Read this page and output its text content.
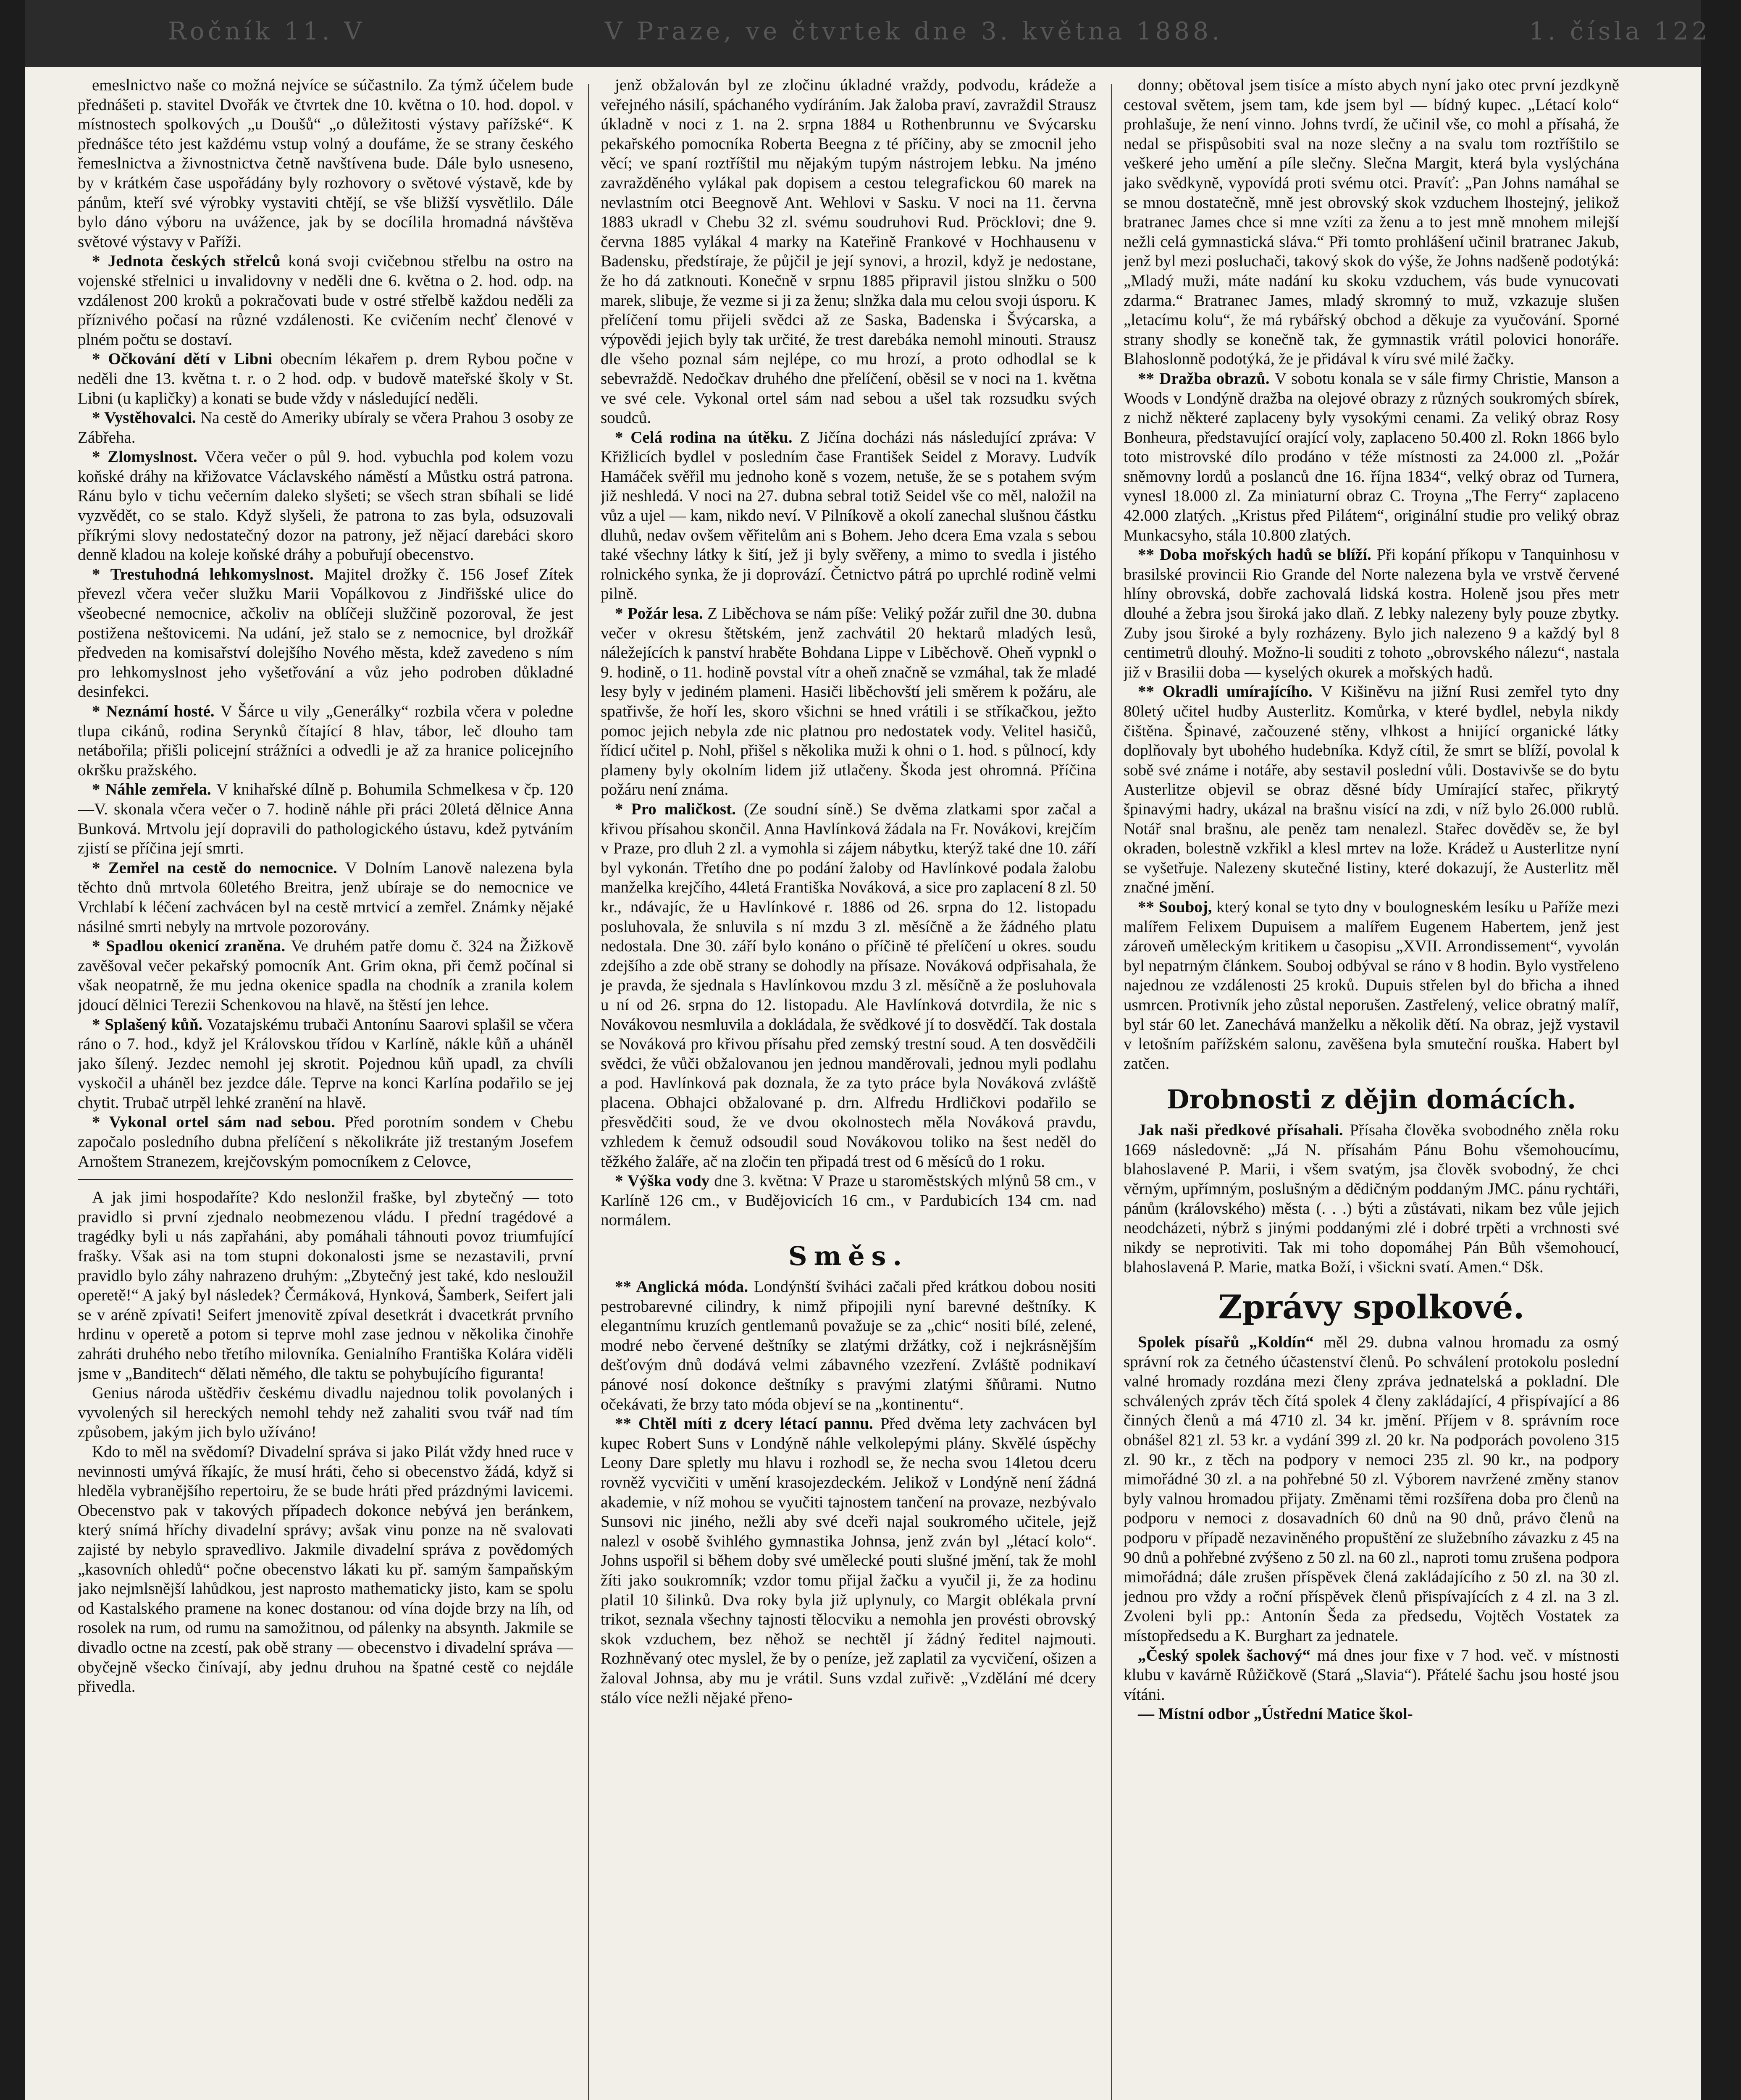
Ročník 11. V	V Praze, ve čtvrtek dne 3. května 1888.	1. čísla 122

emeslnictvo naše co možná nejvíce se súčastnilo. Za týmž účelem bude přednášeti p. stavitel Dvořák ve čtvrtek dne 10. května o 10. hod. dopol. v místnostech spolkových „u Doušů“ „o důležitosti výstavy pařížské“. K přednášce této jest každému vstup volný a doufáme, že se strany českého řemeslnictva a živnostnictva četně navštívena bude. Dále bylo usneseno, by v krátkém čase uspořádány byly rozhovory o světové výstavě, kde by pánům, kteří své výrobky vystaviti chtějí, se vše bližší vysvětlilo. Dále bylo dáno výboru na uvážence, jak by se docílila hromadná návštěva světové výstavy v Paříži.

* Jednota českých střelců koná svoji cvičebnou střelbu na ostro na vojenské střelnici u invalidovny v neděli dne 6. května o 2. hod. odp. na vzdálenost 200 kroků a pokračovati bude v ostré střelbě každou neděli za příznivého počasí na různé vzdálenosti. Ke cvičením nechť členové v plném počtu se dostaví.

* Očkování dětí v Libni obecním lékařem p. drem Rybou počne v neděli dne 13. května t. r. o 2 hod. odp. v budově mateřské školy v St. Libni (u kapličky) a konati se bude vždy v následující neděli.

* Vystěhovalci. Na cestě do Ameriky ubíraly se včera Prahou 3 osoby ze Zábřeha.

* Zlomyslnost. Včera večer o půl 9. hod. vybuchla pod kolem vozu koňské dráhy na křižovatce Václavského náměstí a Můstku ostrá patrona. Ránu bylo v tichu večerním daleko slyšeti; se všech stran sbíhali se lidé vyzvědět, co se stalo. Když slyšeli, že patrona to zas byla, odsuzovali příkrými slovy nedostatečný dozor na patrony, jež nějací darebáci skoro denně kladou na koleje koňské dráhy a pobuřují obecenstvo.

* Trestuhodná lehkomyslnost. Majitel drožky č. 156 Josef Zítek převezl včera večer služku Marii Vopálkovou z Jindřišské ulice do všeobecné nemocnice, ačkoliv na oblíčeji služčině pozoroval, že jest postižena neštovicemi. Na udání, jež stalo se z nemocnice, byl drožkář předveden na komisařství dolejšího Nového města, kdež zavedeno s ním pro lehkomyslnost jeho vyšetřování a vůz jeho podroben důkladné desinfekci.

* Neznámí hosté. V Šárce u vily „Generálky“ rozbila včera v poledne tlupa cikánů, rodina Serynků čítající 8 hlav, tábor, leč dlouho tam netábořila; přišli policejní strážníci a odvedli je až za hranice policejního okršku pražského.

* Náhle zemřela. V knihařské dílně p. Bohumila Schmelkesa v čp. 120—V. skonala včera večer o 7. hodině náhle při práci 20letá dělnice Anna Bunková. Mrtvolu její dopravili do pathologického ústavu, kdež pytváním zjistí se příčina její smrti.

* Zemřel na cestě do nemocnice. V Dolním Lanově nalezena byla těchto dnů mrtvola 60letého Breitra, jenž ubíraje se do nemocnice ve Vrchlabí k léčení zachvácen byl na cestě mrtvicí a zemřel. Známky nějaké násilné smrti nebyly na mrtvole pozorovány.

* Spadlou okenicí zraněna. Ve druhém patře domu č. 324 na Žižkově zavěšoval večer pekařský pomocník Ant. Grim okna, při čemž počínal si však neopatrně, že mu jedna okenice spadla na chodník a zranila kolem jdoucí dělnici Terezii Schenkovou na hlavě, na štěstí jen lehce.

* Splašený kůň. Vozatajskému trubači Antonínu Saarovi splašil se včera ráno o 7. hod., když jel Královskou třídou v Karlíně, nákle kůň a uháněl jako šílený. Jezdec nemohl jej skrotit. Pojednou kůň upadl, za chvíli vyskočil a uháněl bez jezdce dále. Teprve na konci Karlína podařilo se jej chytit. Trubač utrpěl lehké zranění na hlavě.

* Vykonal ortel sám nad sebou. Před porotním sondem v Chebu započalo posledního dubna přelíčení s několikráte již trestaným Josefem Arnoštem Stranezem, krejčovským pomocníkem z Celovce,

A jak jimi hospodaříte? Kdo neslonžil fraške, byl zbytečný — toto pravidlo si první zjednalo neobmezenou vládu. I přední tragédové a tragédky byli u nás zapřaháni, aby pomáhali táhnouti povoz triumfující frašky. Však asi na tom stupni dokonalosti jsme se nezastavili, první pravidlo bylo záhy nahrazeno druhým: „Zbytečný jest také, kdo nesloužil operetě!“ A jaký byl následek? Čermáková, Hynková, Šamberk, Seifert jali se v aréně zpívati! Seifert jmenovitě zpíval desetkrát i dvacetkrát prvního hrdinu v operetě a potom si teprve mohl zase jednou v několika činohře zahráti druhého nebo třetího milovníka. Genialního Františka Kolára viděli jsme v „Banditech“ dělati němého, dle taktu se pohybujícího figuranta!

Genius národa uštědřiv českému divadlu najednou tolik povolaných i vyvolených sil hereckých nemohl tehdy než zahaliti svou tvář nad tím způsobem, jakým jich bylo užíváno!

Kdo to měl na svědomí? Divadelní správa si jako Pilát vždy hned ruce v nevinnosti umývá říkajíc, že musí hráti, čeho si obecenstvo žádá, když si hleděla vybranějšího repertoiru, že se bude hráti před prázdnými lavicemi. Obecenstvo pak v takových případech dokonce nebývá jen beránkem, který snímá hříchy divadelní správy; avšak vinu ponze na ně svalovati zajisté by nebylo spravedlivo. Jakmile divadelní správa z povědomých „kasovních ohledů“ počne obecenstvo lákati ku př. samým šampaňským jako nejmlsnější lahůdkou, jest naprosto mathematicky jisto, kam se spolu od Kastalského pramene na konec dostanou: od vína dojde brzy na líh, od rosolek na rum, od rumu na samožitnou, od pálenky na absynth. Jakmile se divadlo octne na zcestí, pak obě strany — obecenstvo i divadelní správa — obyčejně všecko činívají, aby jednu druhou na špatné cestě co nejdále přivedla.

jenž obžalován byl ze zločinu úkladné vraždy, podvodu, krádeže a veřejného násilí, spáchaného vydíráním. Jak žaloba praví, zavraždil Strausz úkladně v noci z 1. na 2. srpna 1884 u Rothenbrunnu ve Svýcarsku pekařského pomocníka Roberta Beegna z té příčiny, aby se zmocnil jeho věcí; ve spaní roztříštil mu nějakým tupým nástrojem lebku. Na jméno zavražděného vylákal pak dopisem a cestou telegrafickou 60 marek na nevlastním otci Beegnově Ant. Wehlovi v Sasku. V noci na 11. června 1883 ukradl v Chebu 32 zl. svému soudruhovi Rud. Pröcklovi; dne 9. června 1885 vylákal 4 marky na Kateřině Frankové v Hochhausenu v Badensku, předstíraje, že půjčil je její synovi, a hrozil, když je nedostane, že ho dá zatknouti. Konečně v srpnu 1885 připravil jistou slnžku o 500 marek, slibuje, že vezme si ji za ženu; slnžka dala mu celou svoji úsporu. K přelíčení tomu přijeli svědci až ze Saska, Badenska i Švýcarska, a výpovědi jejich byly tak určité, že trest darebáka nemohl minouti. Strausz dle všeho poznal sám nejlépe, co mu hrozí, a proto odhodlal se k sebevraždě. Nedočkav druhého dne přelíčení, oběsil se v noci na 1. května ve své cele. Vykonal ortel sám nad sebou a ušel tak rozsudku svých soudců.

* Celá rodina na útěku. Z Jičína docházi nás následující zpráva: V Křižlicích bydlel v posledním čase František Seidel z Moravy. Ludvík Hamáček svěřil mu jednoho koně s vozem, netuše, že se s potahem svým již neshledá. V noci na 27. dubna sebral totiž Seidel vše co měl, naložil na vůz a ujel — kam, nikdo neví. V Pilníkově a okolí zanechal slušnou částku dluhů, nedav ovšem věřitelům ani s Bohem. Jeho dcera Ema vzala s sebou také všechny látky k šití, jež ji byly svěřeny, a mimo to svedla i jistého rolnického synka, že ji doprovází. Četnictvo pátrá po uprchlé rodině velmi pilně.

* Požár lesa. Z Liběchova se nám píše: Veliký požár zuřil dne 30. dubna večer v okresu štětském, jenž zachvátil 20 hektarů mladých lesů, náležejících k panství hraběte Bohdana Lippe v Liběchově. Oheň vypnkl o 9. hodině, o 11. hodině povstal vítr a oheň značně se vzmáhal, tak že mladé lesy byly v jediném plameni. Hasiči liběchovští jeli směrem k požáru, ale spatřivše, že hoří les, skoro všichni se hned vrátili i se stříkačkou, ježto pomoc jejich nebyla zde nic platnou pro nedostatek vody. Velitel hasičů, řídicí učitel p. Nohl, přišel s několika muži k ohni o 1. hod. s půlnocí, kdy plameny byly okolním lidem již utlačeny. Škoda jest ohromná. Příčina požáru není známa.

* Pro maličkost. (Ze soudní síně.) Se dvěma zlatkami spor začal a křivou přísahou skončil. Anna Havlínková žádala na Fr. Novákovi, krejčím v Praze, pro dluh 2 zl. a vymohla si zájem nábytku, kterýž také dne 10. září byl vykonán. Třetího dne po podání žaloby od Havlínkové podala žalobu manželka krejčího, 44letá Františka Nováková, a sice pro zaplacení 8 zl. 50 kr., ndávajíc, že u Havlínkové r. 1886 od 26. srpna do 12. listopadu posluhovala, že snluvila s ní mzdu 3 zl. měsíčně a že žádného platu nedostala. Dne 30. září bylo konáno o příčině té přelíčení u okres. soudu zdejšího a zde obě strany se dohodly na přísaze. Nováková odpřisahala, že je pravda, že sjednala s Havlínkovou mzdu 3 zl. měsíčně a že posluhovala u ní od 26. srpna do 12. listopadu. Ale Havlínková dotvrdila, že nic s Novákovou nesmluvila a dokládala, že svědkové jí to dosvědčí. Tak dostala se Nováková pro křivou přísahu před zemský trestní soud. A ten dosvědčili svědci, že vůči obžalovanou jen jednou manděrovali, jednou myli podlahu a pod. Havlínková pak doznala, že za tyto práce byla Nováková zvláště placena. Obhajci obžalované p. drn. Alfredu Hrdličkovi podařilo se přesvědčiti soud, že ve dvou okolnostech měla Nováková pravdu, vzhledem k čemuž odsoudil soud Novákovou toliko na šest neděl do těžkého žaláře, ač na zločin ten připadá trest od 6 měsíců do 1 roku.

* Výška vody dne 3. května: V Praze u staroměstských mlýnů 58 cm., v Karlíně 126 cm., v Budějovicích 16 cm., v Pardubicích 134 cm. nad normálem.

Směs.

** Anglická móda. Londýnští šviháci začali před krátkou dobou nositi pestrobarevné cilindry, k nimž připojili nyní barevné deštníky. K elegantnímu kruzích gentlemanů považuje se za „chic“ nositi bílé, zelené, modré nebo červené deštníky se zlatými držátky, což i nejkrásnějším dešťovým dnů dodává velmi zábavného vzezření. Zvláště podnikaví pánové nosí dokonce deštníky s pravými zlatými šňůrami. Nutno očekávati, že brzy tato móda objeví se na „kontinentu“.

** Chtěl míti z dcery létací pannu. Před dvěma lety zachvácen byl kupec Robert Suns v Londýně náhle velkolepými plány. Skvělé úspěchy Leony Dare spletly mu hlavu i rozhodl se, že necha svou 14letou dceru rovněž vycvičiti v umění krasojezdeckém. Jelikož v Londýně není žádná akademie, v níž mohou se vyučiti tajnostem tančení na provaze, nezbývalo Sunsovi nic jiného, nežli aby své dceři najal soukromého učitele, jejž nalezl v osobě švihlého gymnastika Johnsa, jenž zván byl „létací kolo“. Johns uspořil si během doby své umělecké pouti slušné jmění, tak že mohl žíti jako soukromník; vzdor tomu přijal žačku a vyučil ji, že za hodinu platil 10 šilinků. Dva roky byla již uplynuly, co Margit oblékala první trikot, seznala všechny tajnosti tělocviku a nemohla jen provésti obrovský skok vzduchem, bez něhož se nechtěl jí žádný ředitel najmouti. Rozhněvaný otec myslel, že by o peníze, jež zaplatil za vycvičení, ošizen a žaloval Johnsa, aby mu je vrátil. Suns vzdal zuřivě: „Vzdělání mé dcery stálo více nežli nějaké přeno-

donny; obětoval jsem tisíce a místo abych nyní jako otec první jezdkyně cestoval světem, jsem tam, kde jsem byl — bídný kupec. „Létací kolo“ prohlašuje, že není vinno. Johns tvrdí, že učinil vše, co mohl a přísahá, že nedal se přispůsobiti sval na noze slečny a na svalu tom roztříštilo se veškeré jeho umění a píle slečny. Slečna Margit, která byla vyslýchána jako svědkyně, vypovídá proti svému otci. Pravíť: „Pan Johns namáhal se se mnou dostatečně, mně jest obrovský skok vzduchem lhostejný, jelikož bratranec James chce si mne vzíti za ženu a to jest mně mnohem milejší nežli celá gymnastická sláva.“ Při tomto prohlášení učinil bratranec Jakub, jenž byl mezi posluchači, takový skok do výše, že Johns nadšeně podotýká: „Mladý muži, máte nadání ku skoku vzduchem, vás bude vynucovati zdarma.“ Bratranec James, mladý skromný to muž, vzkazuje slušen „letacímu kolu“, že má rybářský obchod a děkuje za vyučování. Sporné strany shodly se konečně tak, že gymnastik vrátil polovici honoráře. Blahoslonně podotýká, že je přidával k víru své milé žačky.

** Dražba obrazů. V sobotu konala se v sále firmy Christie, Manson a Woods v Londýně dražba na olejové obrazy z různých soukromých sbírek, z nichž některé zaplaceny byly vysokými cenami. Za veliký obraz Rosy Bonheura, představující orající voly, zaplaceno 50.400 zl. Rokn 1866 bylo toto mistrovské dílo prodáno v téže místnosti za 24.000 zl. „Požár sněmovny lordů a poslanců dne 16. října 1834“, velký obraz od Turnera, vynesl 18.000 zl. Za miniaturní obraz C. Troyna „The Ferry“ zaplaceno 42.000 zlatých. „Kristus před Pilátem“, originální studie pro veliký obraz Munkacsyho, stála 10.800 zlatých.

** Doba mořských hadů se blíží. Při kopání příkopu v Tanquinhosu v brasilské provincii Rio Grande del Norte nalezena byla ve vrstvě červené hlíny obrovská, dobře zachovalá lidská kostra. Holeně jsou přes metr dlouhé a žebra jsou široká jako dlaň. Z lebky nalezeny byly pouze zbytky. Zuby jsou široké a byly rozházeny. Bylo jich nalezeno 9 a každý byl 8 centimetrů dlouhý. Možno-li souditi z tohoto „obrovského nálezu“, nastala již v Brasilii doba — kyselých okurek a mořských hadů.

** Okradli umírajícího. V Kišiněvu na jižní Rusi zemřel tyto dny 80letý učitel hudby Austerlitz. Komůrka, v které bydlel, nebyla nikdy čištěna. Špinavé, začouzené stěny, vlhkost a hnijící organické látky doplňovaly byt ubohého hudebníka. Když cítil, že smrt se blíží, povolal k sobě své známe i notáře, aby sestavil poslední vůli. Dostavivše se do bytu Austerlitze objevil se obraz děsné bídy Umírající stařec, přikrytý špinavými hadry, ukázal na brašnu visící na zdi, v níž bylo 26.000 rublů. Notář snal brašnu, ale peněz tam nenalezl. Stařec dověděv se, že byl okraden, bolestně vzkřikl a klesl mrtev na lože. Krádež u Austerlitze nyní se vyšetřuje. Nalezeny skutečné listiny, které dokazují, že Austerlitz měl značné jmění.

** Souboj, který konal se tyto dny v boulogneském lesíku u Paříže mezi malířem Felixem Dupuisem a malířem Eugenem Habertem, jenž jest zároveň uměleckým kritikem u časopisu „XVII. Arrondissement“, vyvolán byl nepatrným článkem. Souboj odbýval se ráno v 8 hodin. Bylo vystřeleno najednou ze vzdálenosti 25 kroků. Dupuis střelen byl do břicha a ihned usmrcen. Protivník jeho zůstal neporušen. Zastřelený, velice obratný malíř, byl stár 60 let. Zanechává manželku a několik dětí. Na obraz, jejž vystavil v letošním pařížském salonu, zavěšena byla smuteční rouška. Habert byl zatčen.

Drobnosti z dějin domácích.

Jak naši předkové přísahali. Přísaha člověka svobodného zněla roku 1669 následovně: „Já N. přísahám Pánu Bohu všemohoucímu, blahoslavené P. Marii, i všem svatým, jsa člověk svobodný, že chci věrným, upřímným, poslušným a dědičným poddaným JMC. pánu rychtáři, pánům (královského) města (. . .) býti a zůstávati, nikam bez vůle jejich neodcházeti, nýbrž s jinými poddanými zlé i dobré trpěti a vrchnosti své nikdy se neprotiviti. Tak mi toho dopomáhej Pán Bůh všemohoucí, blahoslavená P. Marie, matka Boží, i všickni svatí. Amen.“ Dšk.

Zprávy spolkové.

Spolek písařů „Koldín“ měl 29. dubna valnou hromadu za osmý správní rok za četného účastenství členů. Po schválení protokolu poslední valné hromady rozdána mezi členy zpráva jednatelská a pokladní. Dle schválených zpráv těch čítá spolek 4 členy zakládající, 4 přispívající a 86 činných členů a má 4710 zl. 34 kr. jmění. Příjem v 8. správním roce obnášel 821 zl. 53 kr. a vydání 399 zl. 20 kr. Na podporách povoleno 315 zl. 90 kr., z těch na podpory v nemoci 235 zl. 90 kr., na podpory mimořádné 30 zl. a na pohřebné 50 zl. Výborem navržené změny stanov byly valnou hromadou přijaty. Změnami těmi rozšířena doba pro členů na podporu v nemoci z dosavadních 60 dnů na 90 dnů, právo členů na podporu v případě nezaviněného propuštění ze služebního závazku z 45 na 90 dnů a pohřebné zvýšeno z 50 zl. na 60 zl., naproti tomu zrušena podpora mimořádná; dále zrušen příspěvek člená zakládajícího z 50 zl. na 30 zl. jednou pro vždy a roční příspěvek členů přispívajících z 4 zl. na 3 zl. Zvoleni byli pp.: Antonín Šeda za předsedu, Vojtěch Vostatek za místopředsedu a K. Burghart za jednatele.

„Český spolek šachový“ má dnes jour fixe v 7 hod. več. v místnosti klubu v kavárně Růžičkově (Stará „Slavia“). Přátelé šachu jsou hosté jsou vítáni.

— Místní odbor „Ústřední Matice škol-
